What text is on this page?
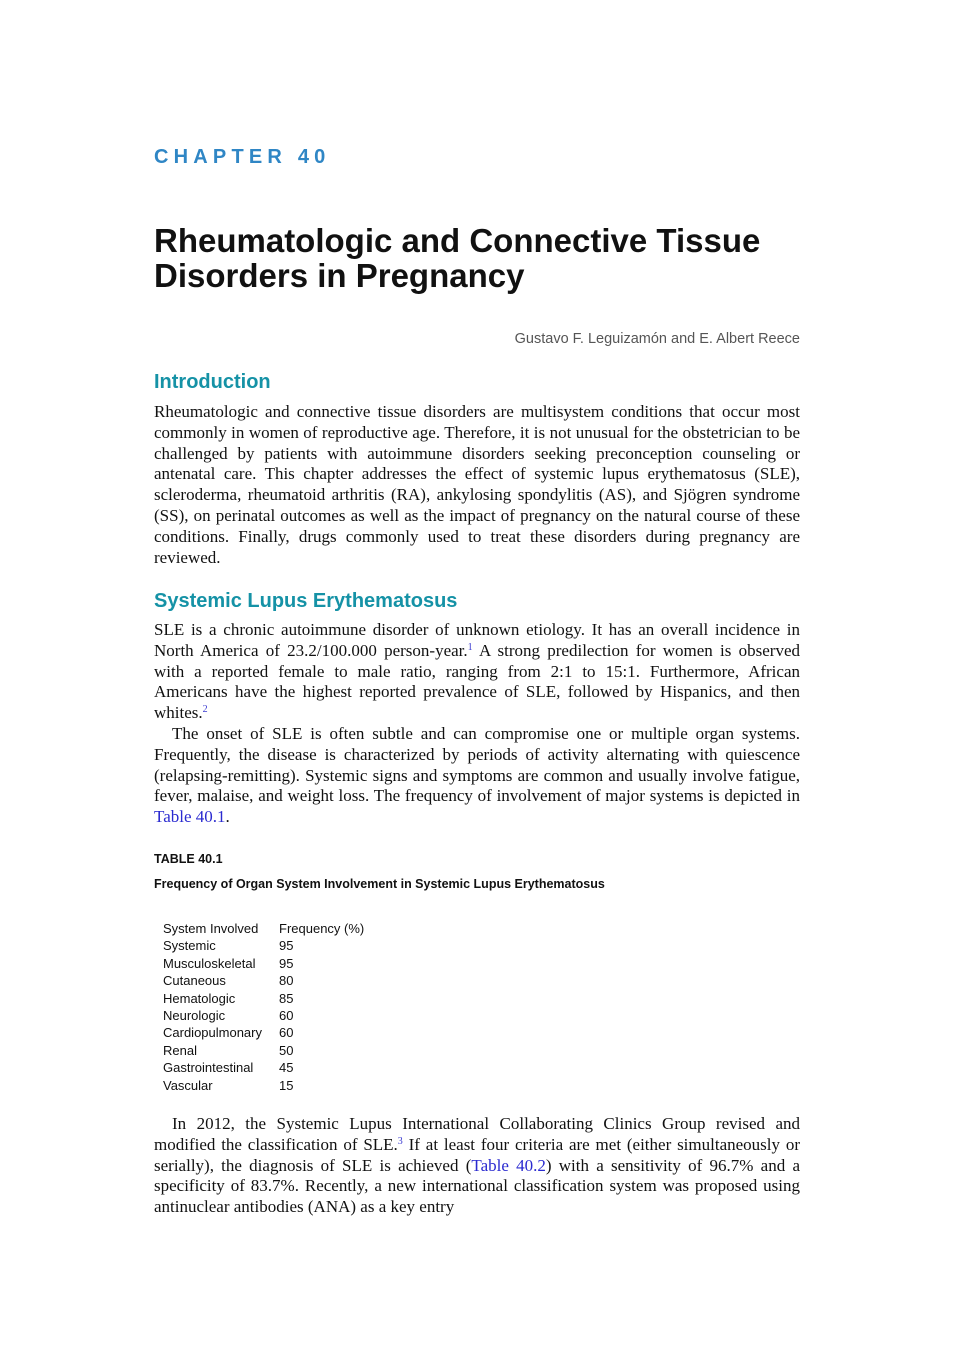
CHAPTER 40
Rheumatologic and Connective Tissue
Disorders in Pregnancy
Gustavo F. Leguizamón and E. Albert Reece
Introduction

Rheumatologic and connective tissue disorders are multisystem conditions that occur most commonly in women of reproductive age. Therefore, it is not unusual for the obstetrician to be challenged by patients with autoimmune disorders seeking preconception counseling or antenatal care. This chapter addresses the effect of systemic lupus erythematosus (SLE), scleroderma, rheumatoid arthritis (RA), ankylosing spondylitis (AS), and Sjögren syndrome (SS), on perinatal outcomes as well as the impact of pregnancy on the natural course of these conditions. Finally, drugs commonly used to treat these disorders during pregnancy are reviewed.

Systemic Lupus Erythematosus

SLE is a chronic autoimmune disorder of unknown etiology. It has an overall incidence in North America of 23.2/100.000 person-year.$^1$ A strong predilection for women is observed with a reported female to male ratio, ranging from 2:1 to 15:1. Furthermore, African Americans have the highest reported prevalence of SLE, followed by Hispanics, and then whites.$^2$

The onset of SLE is often subtle and can compromise one or multiple organ systems. Frequently, the disease is characterized by periods of activity alternating with quiescence (relapsing-remitting). Systemic signs and symptoms are common and usually involve fatigue, fever, malaise, and weight loss. The frequency of involvement of major systems is depicted in Table 40.1.

TABLE 40.1
Frequency of Organ System Involvement in Systemic Lupus Erythematosus
System Involved	Frequency (%)
Systemic	95
Musculoskeletal	95
Cutaneous	80
Hematologic	85
Neurologic	60
Cardiopulmonary	60
Renal	50
Gastrointestinal	45
Vascular	15

In 2012, the Systemic Lupus International Collaborating Clinics Group revised and modified the classification of SLE.$^3$ If at least four criteria are met (either simultaneously or serially), the diagnosis of SLE is achieved (Table 40.2) with a sensitivity of 96.7% and a specificity of 83.7%. Recently, a new international classification system was proposed using antinuclear antibodies (ANA) as a key entry
